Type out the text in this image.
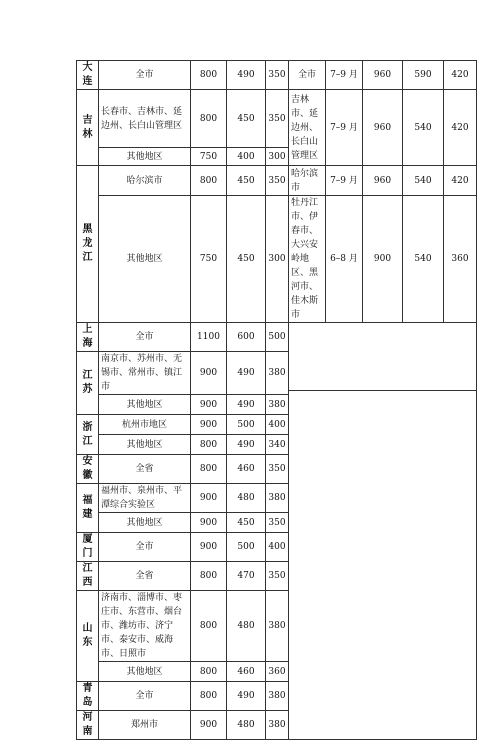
大连	全市	800	490	350	全市	7–9 月	960	590	420
吉林	长春市、吉林市、延边州、长白山管理区	800	450	350	吉林市、延边州、长白山管理区	7–9 月	960	540	420
	其他地区	750	400	300					
黑龙江	哈尔滨市	800	450	350	哈尔滨市	7–9 月	960	540	420
	其他地区	750	450	300	牡丹江市、伊春市、大兴安岭地区、黑河市、佳木斯市	6–8 月	900	540	360
上海	全市	1100	600	500					

江苏	南京市、苏州市、无锡市、常州市、镇江市	900	490	380					
	其他地区	900	490	380					
浙江	杭州市地区	900	500	400					
	其他地区	800	490	340					
安徽	全省	800	460	350					
福建	福州市、泉州市、平潭综合实验区	900	480	380					
	其他地区	900	450	350					
厦门	全市	900	500	400					
江西	全省	800	470	350					
山东	济南市、淄博市、枣庄市、东营市、烟台市、潍坊市、济宁市、泰安市、威海市、日照市	800	480	380					
	其他地区	800	460	360					
青岛	全市	800	490	380					
河南	郑州市	900	480	380					
